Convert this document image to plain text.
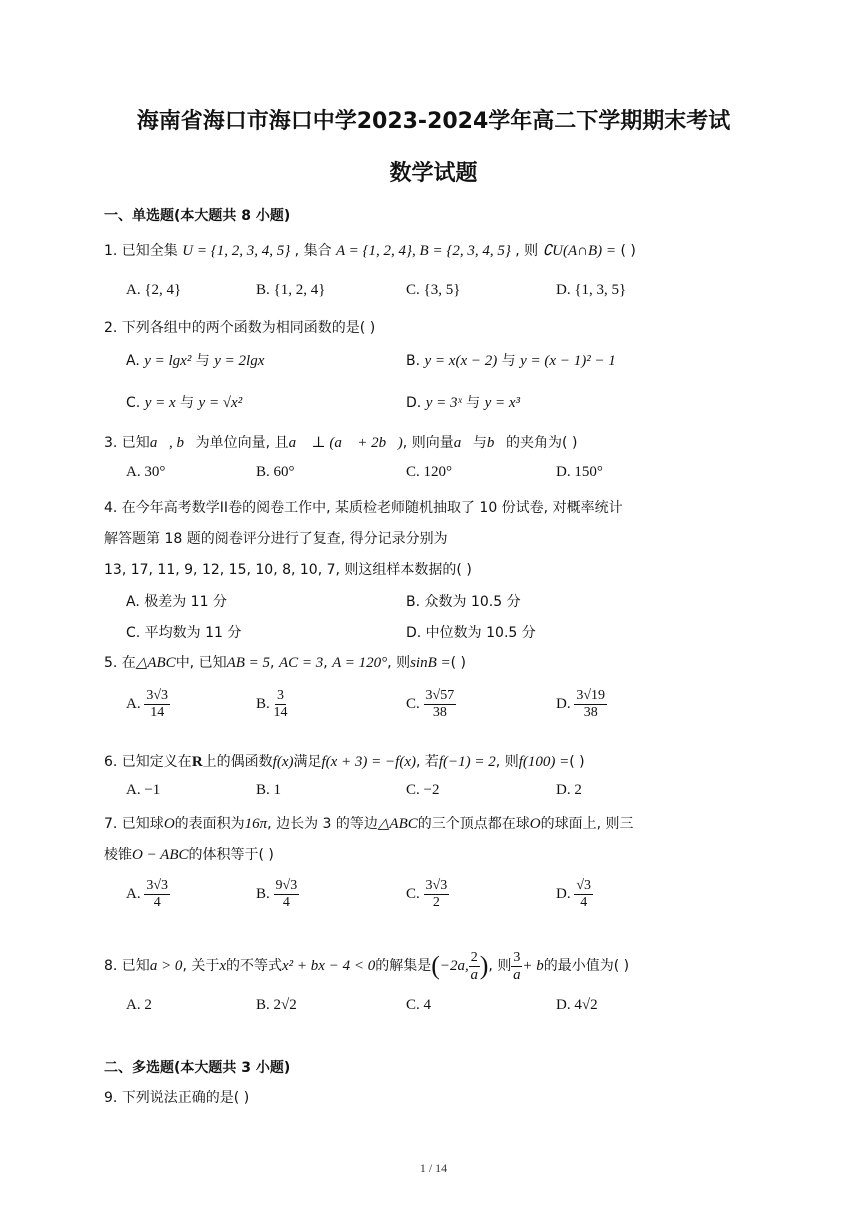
海南省海口市海口中学2023-2024学年高二下学期期末考试
数学试题
一、单选题(本大题共 8 小题)
1. 已知全集 U = {1, 2, 3, 4, 5} , 集合 A = {1, 2, 4}, B = {2, 3, 4, 5} , 则 ∁U(A∩B) = ( )
A. {2, 4}	B. {1, 2, 4}	C. {3, 5}	D. {1, 3, 5}
2. 下列各组中的两个函数为相同函数的是( )
A. y = lgx² 与 y = 2lgx	B. y = x(x − 2) 与 y = (x − 1)² − 1
C. y = x 与 y = √x²	D. y = 3ˣ 与 y = x³
3. 已知a⃗, b⃗为单位向量, 且a⃗ ⊥ (a⃗ + 2b⃗), 则向量a⃗与b⃗的夹角为( )
A. 30°	B. 60°	C. 120°	D. 150°
4. 在今年高考数学II卷的阅卷工作中, 某质检老师随机抽取了 10 份试卷, 对概率统计
解答题第 18 题的阅卷评分进行了复查, 得分记录分别为
13, 17, 11, 9, 12, 15, 10, 8, 10, 7, 则这组样本数据的( )
A. 极差为 11 分	B. 众数为 10.5 分
C. 平均数为 11 分	D. 中位数为 10.5 分
5. 在△ABC中, 已知AB = 5, AC = 3, A = 120°, 则sinB =( )
A. $\frac{3√3}{14}$	B. $\frac{3}{14}$	C. $\frac{3√57}{38}$	D. $\frac{3√19}{38}$
6. 已知定义在R上的偶函数f(x)满足f(x + 3) = −f(x), 若f(−1) = 2, 则f(100) =( )
A. −1	B. 1	C. −2	D. 2
7. 已知球O的表面积为16π, 边长为 3 的等边△ABC的三个顶点都在球O的球面上, 则三
棱锥O − ABC的体积等于( )
A. $\frac{3√3}{4}$	B. $\frac{9√3}{4}$	C. $\frac{3√3}{2}$	D. $\frac{√3}{4}$
8. 已知a > 0, 关于x的不等式x² + bx − 4 < 0的解集是(−2a, $\frac{2}{a}$ ), 则 $\frac{3}{a} + b$的最小值为( )
A. 2	B. 2√2	C. 4	D. 4√2
二、多选题(本大题共 3 小题)
9. 下列说法正确的是( )
1 / 14
